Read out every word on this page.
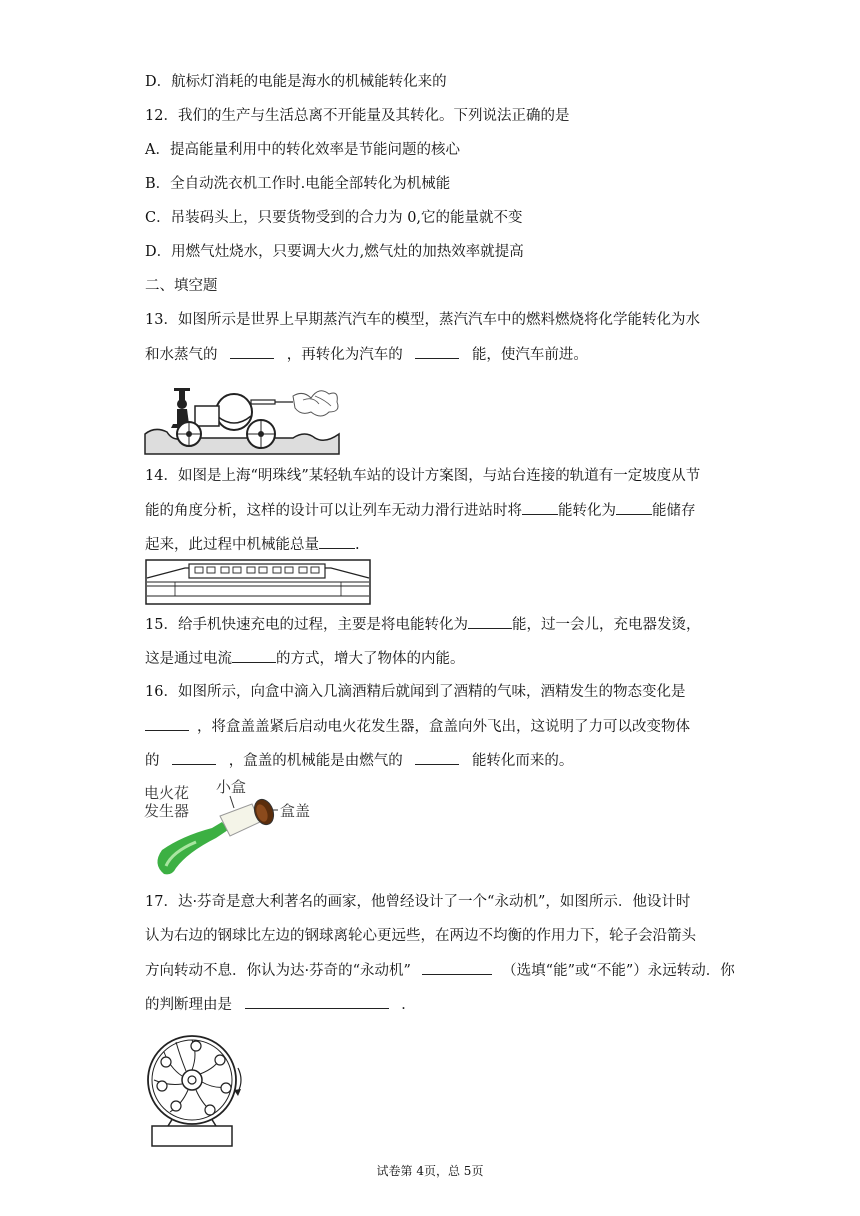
D．航标灯消耗的电能是海水的机械能转化来的
12．我们的生产与生活总离不开能量及其转化。下列说法正确的是
A．提高能量利用中的转化效率是节能问题的核心
B．全自动洗衣机工作时.电能全部转化为机械能
C．吊装码头上，只要货物受到的合力为 0,它的能量就不变
D．用燃气灶烧水，只要调大火力,燃气灶的加热效率就提高
二、填空题
13．如图所示是世界上早期蒸汽汽车的模型，蒸汽汽车中的燃料燃烧将化学能转化为水
和水蒸气的	，再转化为汽车的	能，使汽车前进。
14．如图是上海“明珠线”某轻轨车站的设计方案图，与站台连接的轨道有一定坡度从节
能的角度分析，这样的设计可以让列车无动力滑行进站时将 能转化为 能储存
起来，此过程中机械能总量 .
15．给手机快速充电的过程，主要是将电能转化为	能，过一会儿，充电器发烫，
这是通过电流	的方式，增大了物体的内能。
16．如图所示，向盒中滴入几滴酒精后就闻到了酒精的气味，酒精发生的物态变化是
，将盒盖盖紧后启动电火花发生器，盒盖向外飞出，这说明了力可以改变物体
的	，盒盖的机械能是由燃气的	能转化而来的。
电火花
发生器
小盒
盒盖
17．达·芬奇是意大利著名的画家，他曾经设计了一个“永动机”，如图所示．他设计时
认为右边的钢球比左边的钢球离轮心更远些，在两边不均衡的作用力下，轮子会沿箭头
方向转动不息．你认为达·芬奇的“永动机”	（选填“能”或“不能”）永远转动．你
的判断理由是	．
试卷第 4页，总 5页
